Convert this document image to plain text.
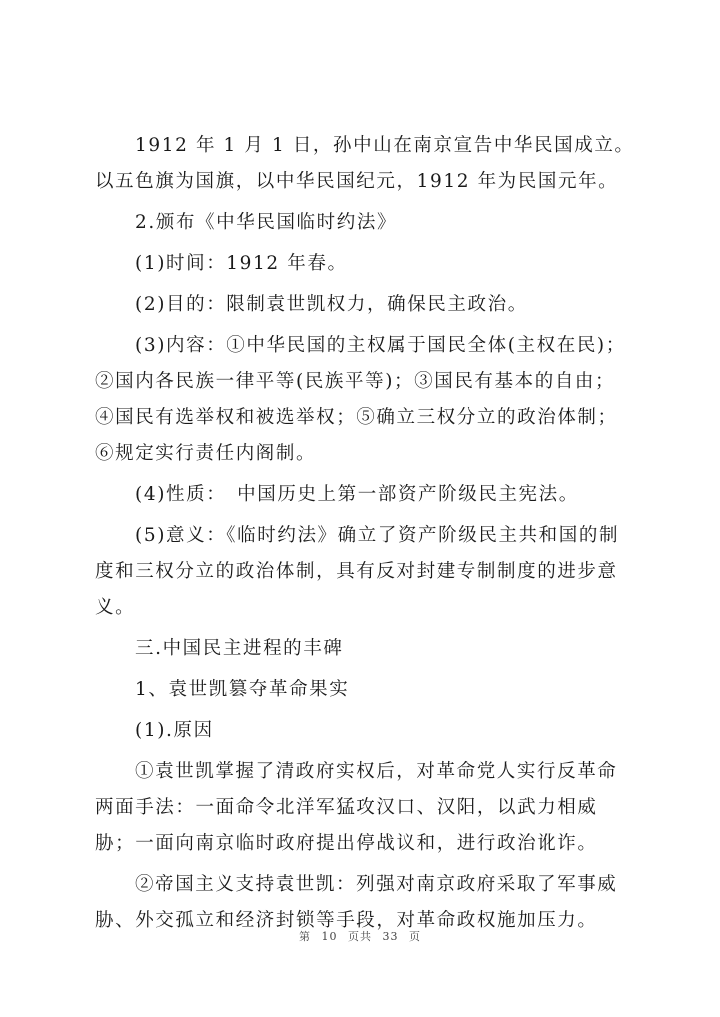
1912 年 1 月 1 日，孙中山在南京宣告中华民国成立。以五色旗为国旗，以中华民国纪元，1912 年为民国元年。

2.颁布《中华民国临时约法》

(1)时间：1912 年春。

(2)目的：限制袁世凯权力，确保民主政治。

(3)内容：①中华民国的主权属于国民全体(主权在民)；②国内各民族一律平等(民族平等)；③国民有基本的自由；④国民有选举权和被选举权；⑤确立三权分立的政治体制；⑥规定实行责任内阁制。

(4)性质：　中国历史上第一部资产阶级民主宪法。

(5)意义：《临时约法》确立了资产阶级民主共和国的制度和三权分立的政治体制，具有反对封建专制制度的进步意义。

三.中国民主进程的丰碑

1、袁世凯篡夺革命果实

(1).原因

①袁世凯掌握了清政府实权后，对革命党人实行反革命两面手法：一面命令北洋军猛攻汉口、汉阳，以武力相威胁；一面向南京临时政府提出停战议和，进行政治讹诈。

②帝国主义支持袁世凯：列强对南京政府采取了军事威胁、外交孤立和经济封锁等手段，对革命政权施加压力。

第 10 页共 33 页
